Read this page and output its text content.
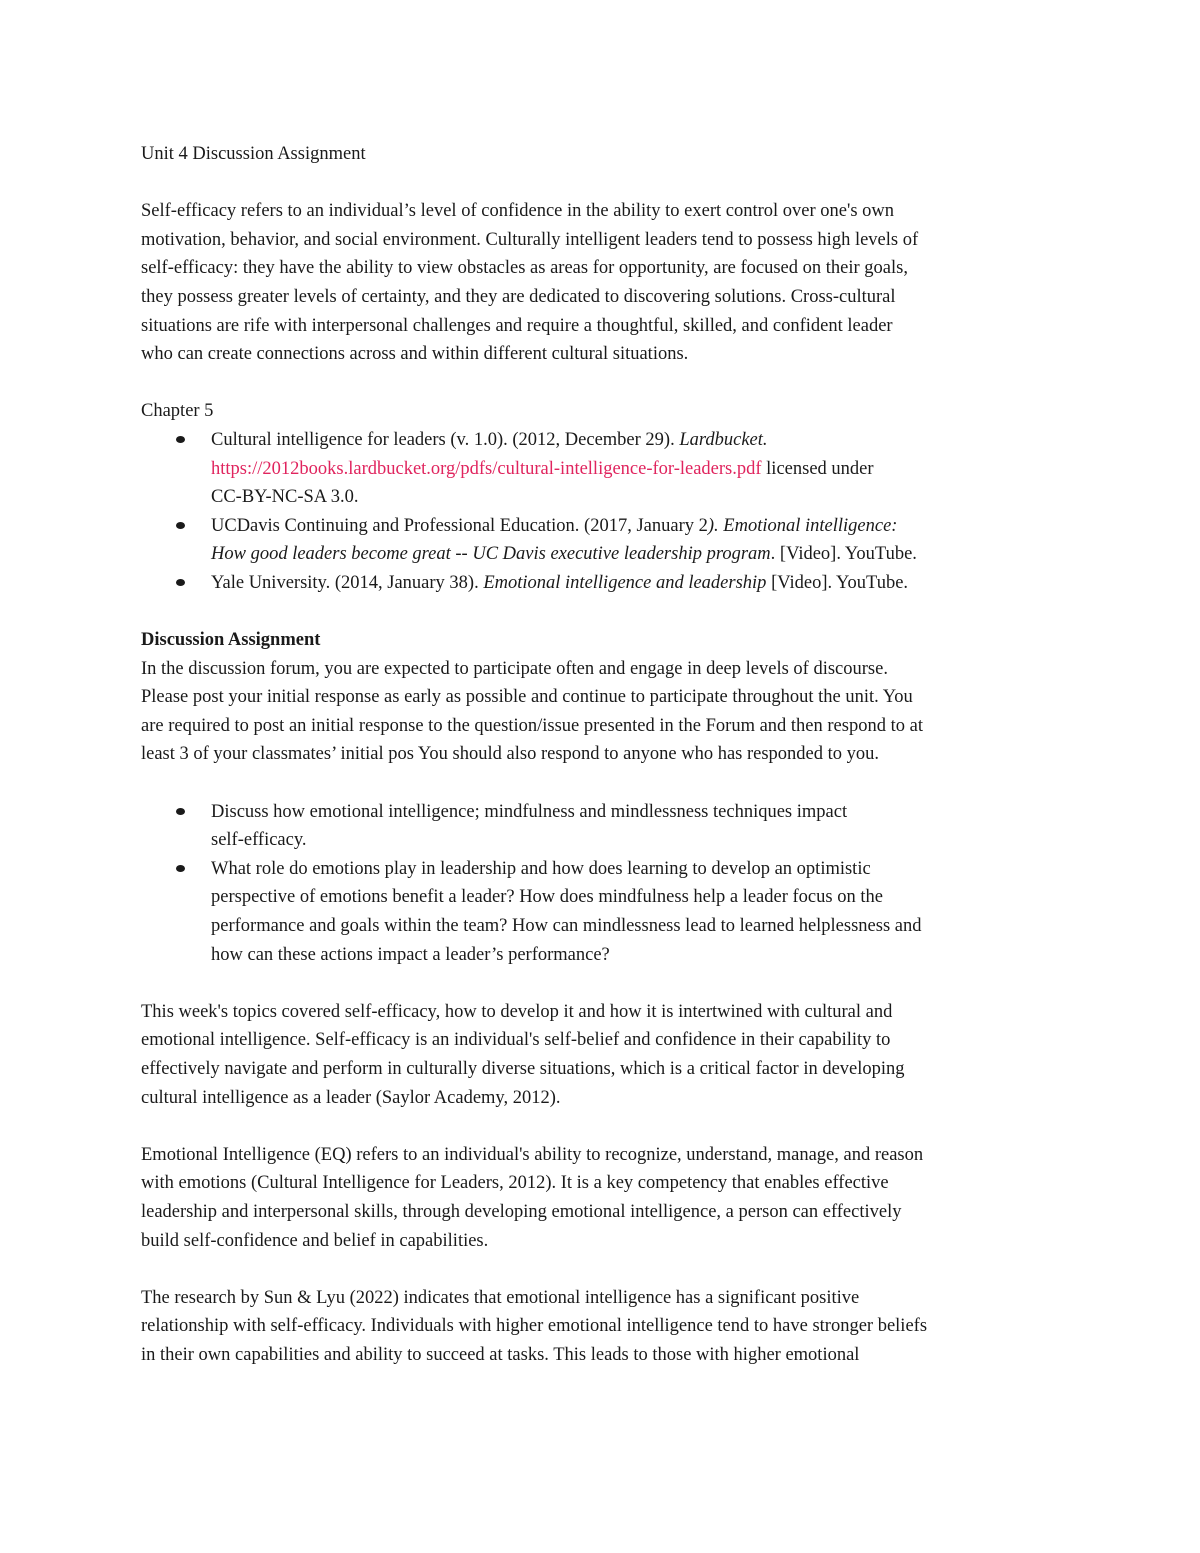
Unit 4 Discussion Assignment
Self-efficacy refers to an individual’s level of confidence in the ability to exert control over one's own
motivation, behavior, and social environment. Culturally intelligent leaders tend to possess high levels of
self-efficacy: they have the ability to view obstacles as areas for opportunity, are focused on their goals,
they possess greater levels of certainty, and they are dedicated to discovering solutions. Cross-cultural
situations are rife with interpersonal challenges and require a thoughtful, skilled, and confident leader
who can create connections across and within different cultural situations.
Chapter 5
Cultural intelligence for leaders (v. 1.0). (2012, December 29). Lardbucket.
https://2012books.lardbucket.org/pdfs/cultural-intelligence-for-leaders.pdf licensed under
CC-BY-NC-SA 3.0.
UCDavis Continuing and Professional Education. (2017, January 2). Emotional intelligence:
How good leaders become great -- UC Davis executive leadership program. [Video]. YouTube.
Yale University. (2014, January 38). Emotional intelligence and leadership [Video]. YouTube.
Discussion Assignment
In the discussion forum, you are expected to participate often and engage in deep levels of discourse.
Please post your initial response as early as possible and continue to participate throughout the unit. You
are required to post an initial response to the question/issue presented in the Forum and then respond to at
least 3 of your classmates’ initial pos You should also respond to anyone who has responded to you.
Discuss how emotional intelligence; mindfulness and mindlessness techniques impact
self-efficacy.
What role do emotions play in leadership and how does learning to develop an optimistic
perspective of emotions benefit a leader? How does mindfulness help a leader focus on the
performance and goals within the team? How can mindlessness lead to learned helplessness and
how can these actions impact a leader’s performance?
This week's topics covered self-efficacy, how to develop it and how it is intertwined with cultural and
emotional intelligence. Self-efficacy is an individual's self-belief and confidence in their capability to
effectively navigate and perform in culturally diverse situations, which is a critical factor in developing
cultural intelligence as a leader (Saylor Academy, 2012).
Emotional Intelligence (EQ) refers to an individual's ability to recognize, understand, manage, and reason
with emotions (Cultural Intelligence for Leaders, 2012). It is a key competency that enables effective
leadership and interpersonal skills, through developing emotional intelligence, a person can effectively
build self-confidence and belief in capabilities.
The research by Sun & Lyu (2022) indicates that emotional intelligence has a significant positive
relationship with self-efficacy. Individuals with higher emotional intelligence tend to have stronger beliefs
in their own capabilities and ability to succeed at tasks. This leads to those with higher emotional
